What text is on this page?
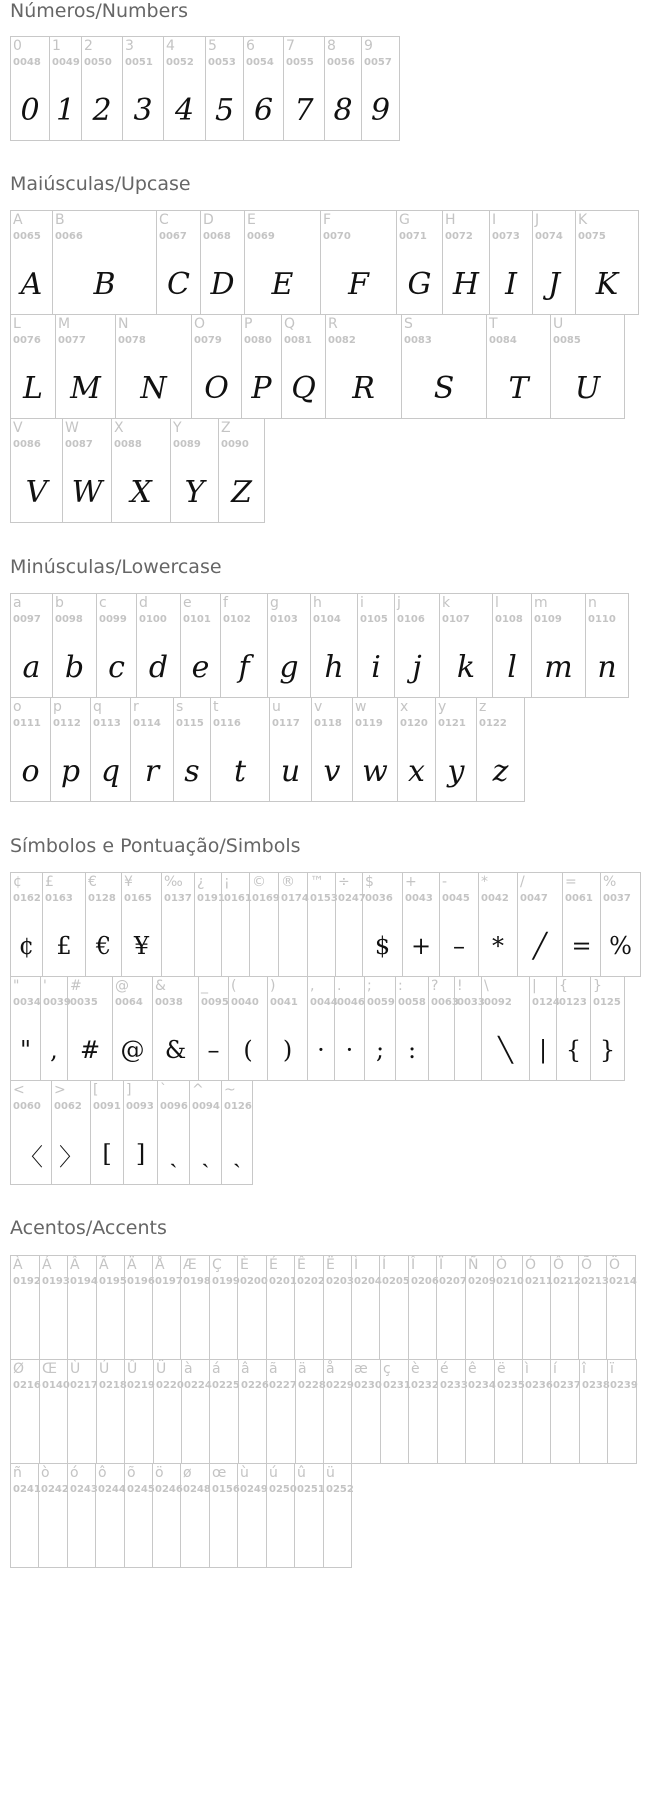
Números/Numbers
0
0048
0
1
0049
1
2
0050
2
3
0051
3
4
0052
4
5
0053
5
6
0054
6
7
0055
7
8
0056
8
9
0057
9
Maiúsculas/Upcase
A
0065
A
B
0066
B
C
0067
C
D
0068
D
E
0069
E
F
0070
F
G
0071
G
H
0072
H
I
0073
I
J
0074
J
K
0075
K
L
0076
L
M
0077
M
N
0078
N
O
0079
O
P
0080
P
Q
0081
Q
R
0082
R
S
0083
S
T
0084
T
U
0085
U
V
0086
V
W
0087
W
X
0088
X
Y
0089
Y
Z
0090
Z
Minúsculas/Lowercase
a
0097
a
b
0098
b
c
0099
c
d
0100
d
e
0101
e
f
0102
f
g
0103
g
h
0104
h
i
0105
i
j
0106
j
k
0107
k
l
0108
l
m
0109
m
n
0110
n
o
0111
o
p
0112
p
q
0113
q
r
0114
r
s
0115
s
t
0116
t
u
0117
u
v
0118
v
w
0119
w
x
0120
x
y
0121
y
z
0122
z
Símbolos e Pontuação/Simbols
¢
0162
¢
£
0163
£
€
0128
€
¥
0165
¥
‰
0137
¿
0191
¡
0161
©
0169
®
0174
™
0153
÷
0247
$
0036
$
+
0043
+
-
0045
–
*
0042
*
/
0047
╱
=
0061
=
%
0037
%
"
0034
"
'
0039
,
#
0035
#
@
0064
@
&
0038
&
_
0095
–
(
0040
(
)
0041
)
,
0044
·
.
0046
·
;
0059
;
:
0058
:
?
0063
!
0033
\
0092
╲
|
0124
|
{
0123
{
}
0125
}
<
0060
〈
>
0062
〉
[
0091
[
]
0093
]
`
0096
ˎ
^
0094
ˎ
~
0126
ˎ
Acentos/Accents
À
0192
Á
0193
Â
0194
Ã
0195
Ä
0196
Å
0197
Æ
0198
Ç
0199
È
0200
É
0201
Ê
0202
Ë
0203
Ì
0204
Í
0205
Î
0206
Ï
0207
Ñ
0209
Ò
0210
Ó
0211
Ô
0212
Õ
0213
Ö
0214
Ø
0216
Œ
0140
Ù
0217
Ú
0218
Û
0219
Ü
0220
à
0224
á
0225
â
0226
ã
0227
ä
0228
å
0229
æ
0230
ç
0231
è
0232
é
0233
ê
0234
ë
0235
ì
0236
í
0237
î
0238
ï
0239
ñ
0241
ò
0242
ó
0243
ô
0244
õ
0245
ö
0246
ø
0248
œ
0156
ù
0249
ú
0250
û
0251
ü
0252
